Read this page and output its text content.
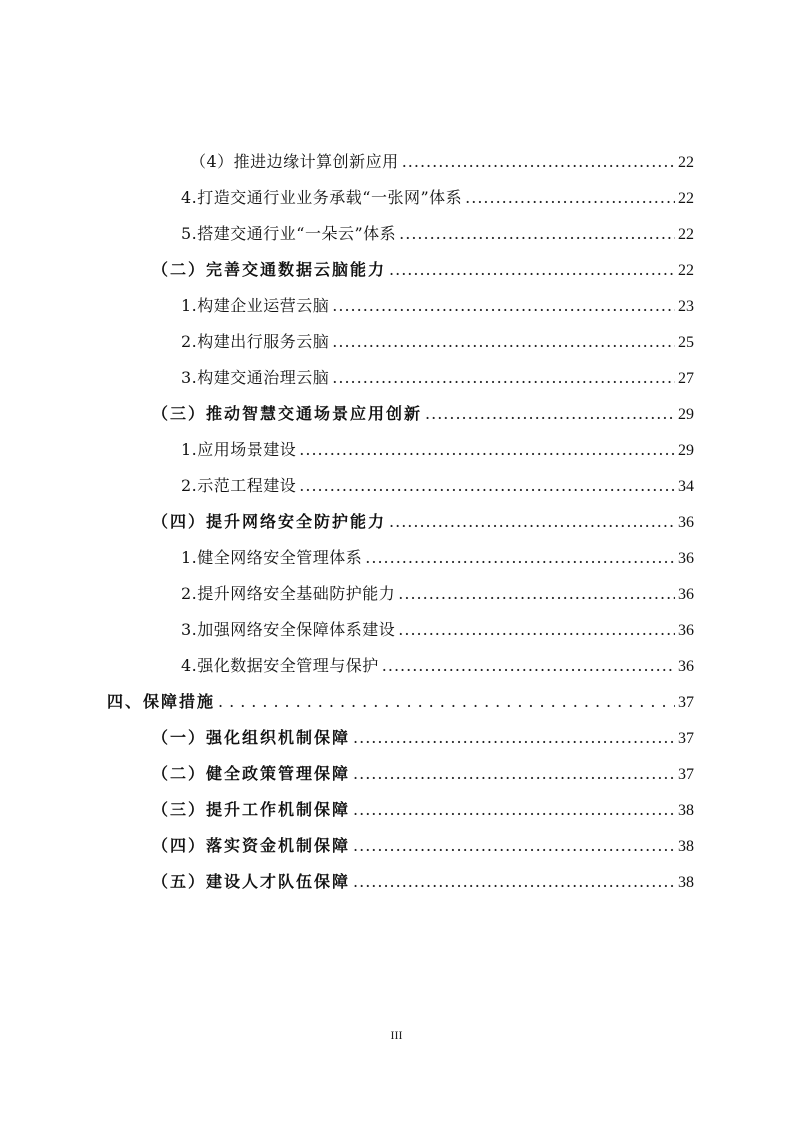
（4）推进边缘计算创新应用 .....	22
4.打造交通行业业务承载“一张网”体系 .....	22
5.搭建交通行业“一朵云”体系 .....	22
（二）完善交通数据云脑能力 .....	22
1.构建企业运营云脑 .....	23
2.构建出行服务云脑 .....	25
3.构建交通治理云脑 .....	27
（三）推动智慧交通场景应用创新 .....	29
1.应用场景建设 .....	29
2.示范工程建设 .....	34
（四）提升网络安全防护能力 .....	36
1.健全网络安全管理体系 .....	36
2.提升网络安全基础防护能力 .....	36
3.加强网络安全保障体系建设 .....	36
4.强化数据安全管理与保护 .....	36
四、保障措施 .....	37
（一）强化组织机制保障 .....	37
（二）健全政策管理保障 .....	37
（三）提升工作机制保障 .....	38
（四）落实资金机制保障 .....	38
（五）建设人才队伍保障 .....	38
III
